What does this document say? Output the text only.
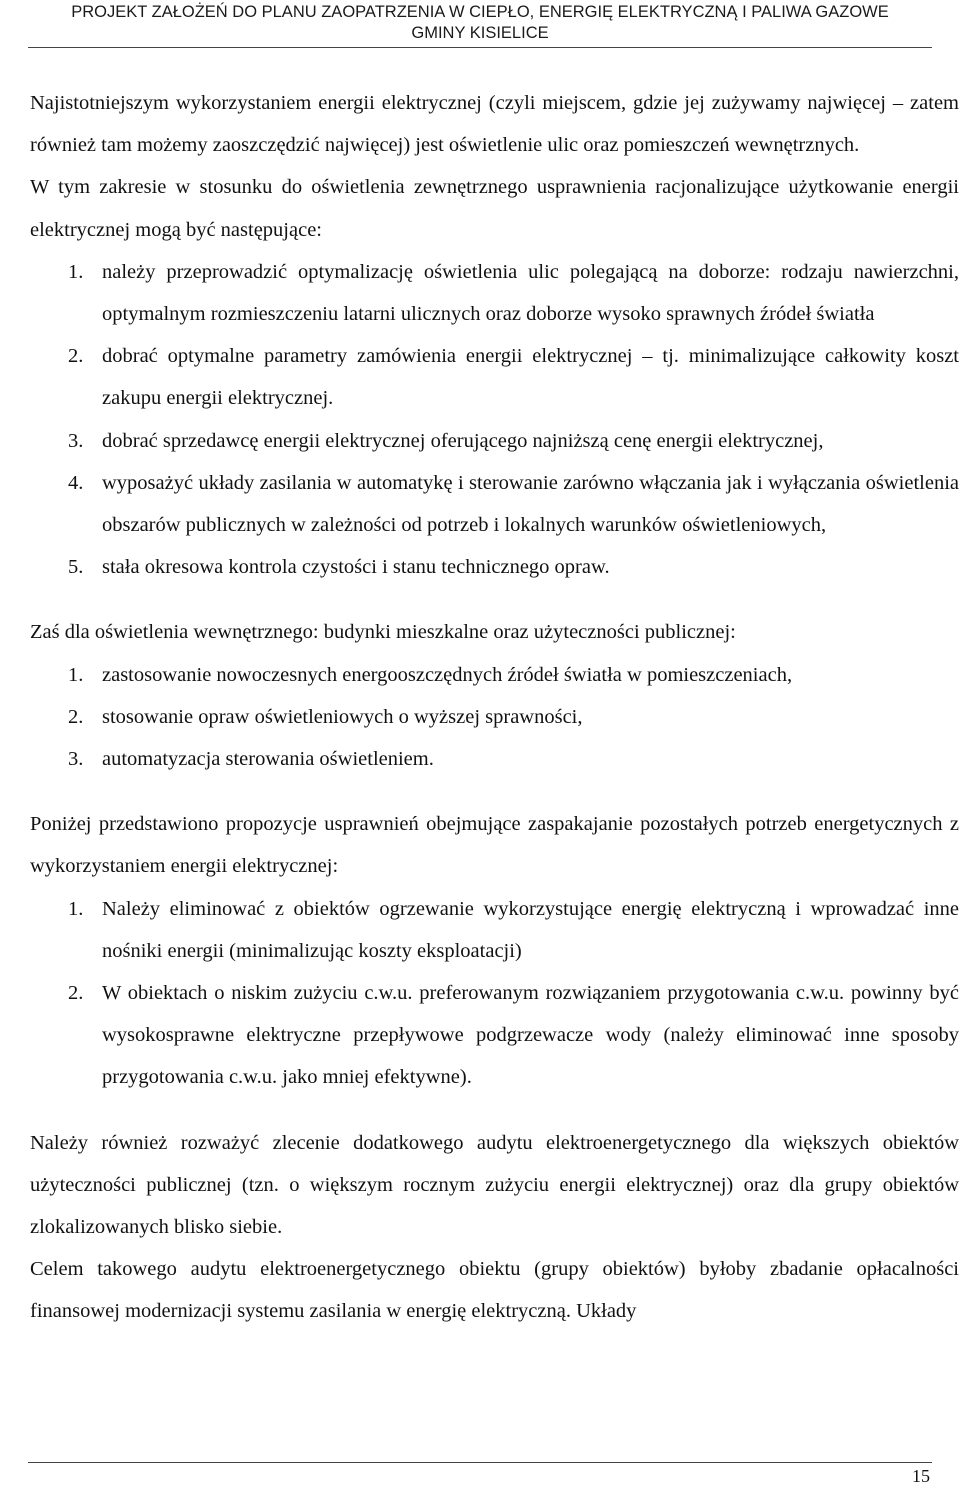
PROJEKT ZAŁOŻEŃ DO PLANU ZAOPATRZENIA W CIEPŁO, ENERGIĘ ELEKTRYCZNĄ I PALIWA GAZOWE
GMINY KISIELICE

Najistotniejszym wykorzystaniem energii elektrycznej (czyli miejscem, gdzie jej zużywamy najwięcej – zatem również tam możemy zaoszczędzić najwięcej) jest oświetlenie ulic oraz pomieszczeń wewnętrznych.

W tym zakresie w stosunku do oświetlenia zewnętrznego usprawnienia racjonalizujące użytkowanie energii elektrycznej mogą być następujące:

1. należy przeprowadzić optymalizację oświetlenia ulic polegającą na doborze: rodzaju nawierzchni, optymalnym rozmieszczeniu latarni ulicznych oraz doborze wysoko sprawnych źródeł światła
2. dobrać optymalne parametry zamówienia energii elektrycznej – tj. minimalizujące całkowity koszt zakupu energii elektrycznej.
3. dobrać sprzedawcę energii elektrycznej oferującego najniższą cenę energii elektrycznej,
4. wyposażyć układy zasilania w automatykę i sterowanie zarówno włączania jak i wyłączania oświetlenia obszarów publicznych w zależności od potrzeb i lokalnych warunków oświetleniowych,
5. stała okresowa kontrola czystości i stanu technicznego opraw.

Zaś dla oświetlenia wewnętrznego: budynki mieszkalne oraz użyteczności publicznej:

1. zastosowanie nowoczesnych energooszczędnych źródeł światła w pomieszczeniach,
2. stosowanie opraw oświetleniowych o wyższej sprawności,
3. automatyzacja sterowania oświetleniem.

Poniżej przedstawiono propozycje usprawnień obejmujące zaspakajanie pozostałych potrzeb energetycznych z wykorzystaniem energii elektrycznej:

1. Należy eliminować z obiektów ogrzewanie wykorzystujące energię elektryczną i wprowadzać inne nośniki energii (minimalizując koszty eksploatacji)
2. W obiektach o niskim zużyciu c.w.u. preferowanym rozwiązaniem przygotowania c.w.u. powinny być wysokosprawne elektryczne przepływowe podgrzewacze wody (należy eliminować inne sposoby przygotowania c.w.u. jako mniej efektywne).

Należy również rozważyć zlecenie dodatkowego audytu elektroenergetycznego dla większych obiektów użyteczności publicznej (tzn. o większym rocznym zużyciu energii elektrycznej) oraz dla grupy obiektów zlokalizowanych blisko siebie.

Celem takowego audytu elektroenergetycznego obiektu (grupy obiektów) byłoby zbadanie opłacalności finansowej modernizacji systemu zasilania w energię elektryczną. Układy

15
